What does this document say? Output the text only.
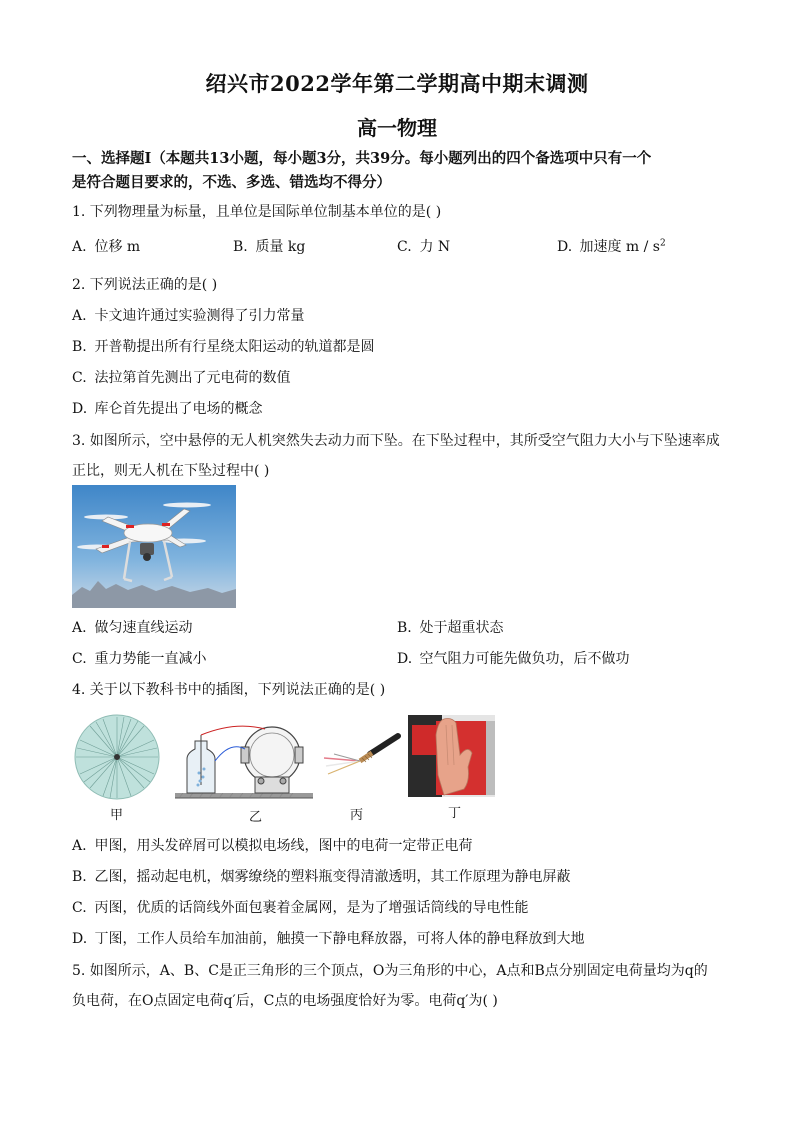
绍兴市2022学年第二学期高中期末调测
高一物理
一、选择题Ⅰ（本题共13小题，每小题3分，共39分。每小题列出的四个备选项中只有一个
是符合题目要求的，不选、多选、错选均不得分）
1. 下列物理量为标量，且单位是国际单位制基本单位的是( )
A. 位移 m	B. 质量 kg	C. 力 N	D. 加速度 m / $s^2$
2. 下列说法正确的是( )
A. 卡文迪许通过实验测得了引力常量
B. 开普勒提出所有行星绕太阳运动的轨道都是圆
C. 法拉第首先测出了元电荷的数值
D. 库仑首先提出了电场的概念
3. 如图所示，空中悬停的无人机突然失去动力而下坠。在下坠过程中，其所受空气阻力大小与下坠速率成
正比，则无人机在下坠过程中( )
A. 做匀速直线运动	B. 处于超重状态
C. 重力势能一直减小	D. 空气阻力可能先做负功，后不做功
4. 关于以下教科书中的插图，下列说法正确的是( )
甲	乙	丙	丁
A. 甲图，用头发碎屑可以模拟电场线，图中的电荷一定带正电荷
B. 乙图，摇动起电机，烟雾缭绕的塑料瓶变得清澈透明，其工作原理为静电屏蔽
C. 丙图，优质的话筒线外面包裹着金属网，是为了增强话筒线的导电性能
D. 丁图，工作人员给车加油前，触摸一下静电释放器，可将人体的静电释放到大地
5. 如图所示，A、B、C是正三角形的三个顶点，O为三角形的中心，A点和B点分别固定电荷量均为q的
负电荷，在O点固定电荷q′后，C点的电场强度恰好为零。电荷q′为( )
